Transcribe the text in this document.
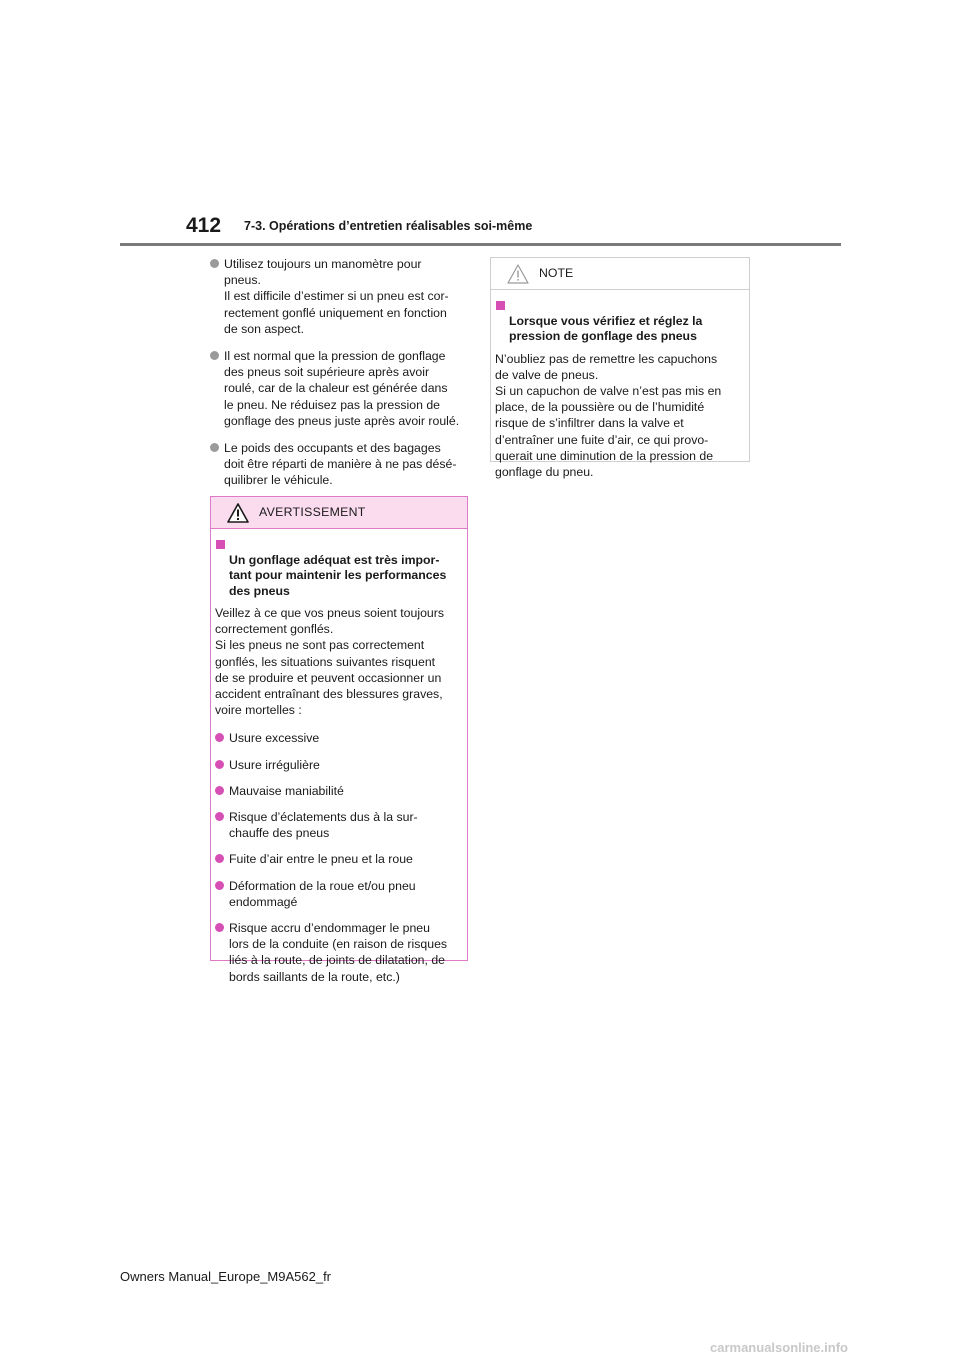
412 7-3. Opérations d’entretien réalisables soi-même
Utilisez toujours un manomètre pour
pneus.
Il est difficile d’estimer si un pneu est cor-
rectement gonflé uniquement en fonction
de son aspect.
Il est normal que la pression de gonflage
des pneus soit supérieure après avoir
roulé, car de la chaleur est générée dans
le pneu. Ne réduisez pas la pression de
gonflage des pneus juste après avoir roulé.
Le poids des occupants et des bagages
doit être réparti de manière à ne pas désé-
quilibrer le véhicule.
AVERTISSEMENT

Un gonflage adéquat est très impor-
tant pour maintenir les performances
des pneus

Veillez à ce que vos pneus soient toujours
correctement gonflés.
Si les pneus ne sont pas correctement
gonflés, les situations suivantes risquent
de se produire et peuvent occasionner un
accident entraînant des blessures graves,
voire mortelles :

Usure excessive
Usure irrégulière
Mauvaise maniabilité
Risque d’éclatements dus à la sur-
chauffe des pneus
Fuite d’air entre le pneu et la roue
Déformation de la roue et/ou pneu
endommagé
Risque accru d’endommager le pneu
lors de la conduite (en raison de risques
liés à la route, de joints de dilatation, de
bords saillants de la route, etc.)
NOTE

Lorsque vous vérifiez et réglez la
pression de gonflage des pneus

N’oubliez pas de remettre les capuchons
de valve de pneus.
Si un capuchon de valve n’est pas mis en
place, de la poussière ou de l’humidité
risque de s’infiltrer dans la valve et
d’entraîner une fuite d’air, ce qui provo-
querait une diminution de la pression de
gonflage du pneu.

Owners Manual_Europe_M9A562_fr
carmanualsonline.info
